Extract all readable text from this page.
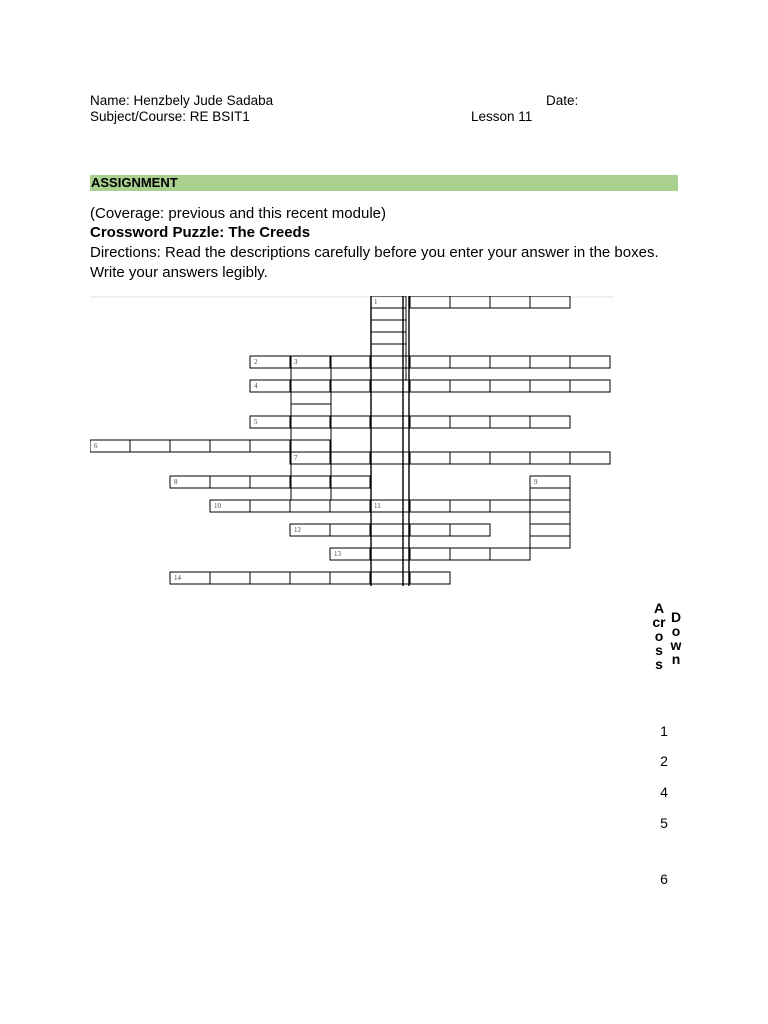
Name: Henzbely Jude Sadaba	Date:
Subject/Course: RE BSIT1	Lesson 11
ASSIGNMENT
(Coverage: previous and this recent module)
Crossword Puzzle: The Creeds
Directions: Read the descriptions carefully before you enter your answer in the boxes.
Write your answers legibly.
1
2	3
4
5
6
7
8	9
10	11
12
13
14
A
cr
o
s
s
D
o
w
n
1
2
4
5
6
